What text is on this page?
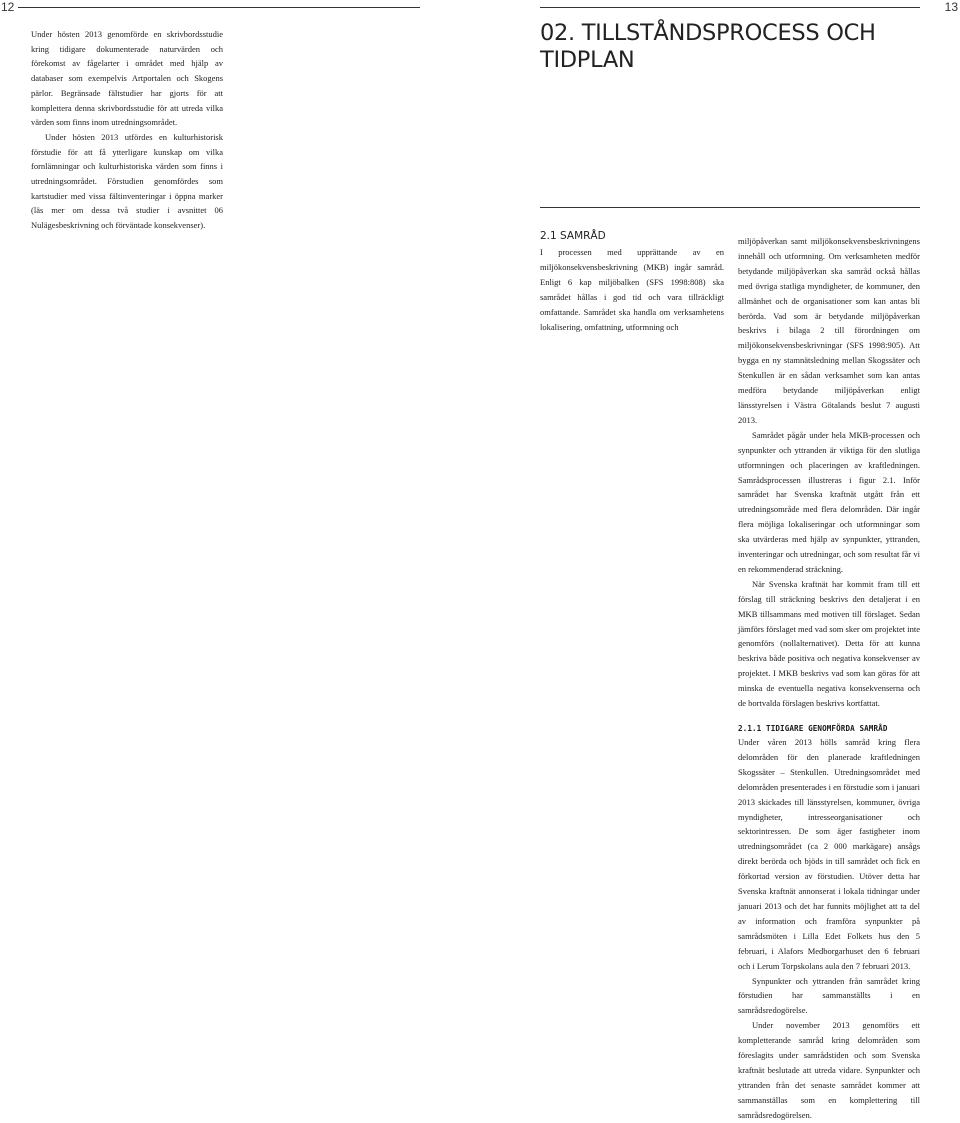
12	13

Under hösten 2013 genomförde en skrivbordsstudie kring tidigare dokumenterade naturvärden och förekomst av fågelarter i området med hjälp av databaser som exempelvis Artportalen och Skogens pärlor. Begränsade fältstudier har gjorts för att komplettera denna skrivbordsstudie för att utreda vilka värden som finns inom utredningsområdet.

Under hösten 2013 utfördes en kulturhistorisk förstudie för att få ytterligare kunskap om vilka fornlämningar och kulturhistoriska värden som finns i utredningsområdet. Förstudien genomfördes som kartstudier med vissa fältinventeringar i öppna marker (läs mer om dessa två studier i avsnittet 06 Nulägesbeskrivning och förväntade konsekvenser).

02. TILLSTÅNDSPROCESS OCH TIDPLAN
2.1 SAMRÅD

I processen med upprättande av en miljökonsekvensbeskrivning (MKB) ingår samråd. Enligt 6 kap miljöbalken (SFS 1998:808) ska samrådet hållas i god tid och vara tillräckligt omfattande. Samrådet ska handla om verksamhetens lokalisering, omfattning, utformning och

miljöpåverkan samt miljökonsekvensbeskrivningens innehåll och utformning. Om verksamheten medför betydande miljöpåverkan ska samråd också hållas med övriga statliga myndigheter, de kommuner, den allmänhet och de organisationer som kan antas bli berörda. Vad som är betydande miljöpåverkan beskrivs i bilaga 2 till förordningen om miljökonsekvensbeskrivningar (SFS 1998:905). Att bygga en ny stamnätsledning mellan Skogssäter och Stenkullen är en sådan verksamhet som kan antas medföra betydande miljöpåverkan enligt länsstyrelsen i Västra Götalands beslut 7 augusti 2013.

Samrådet pågår under hela MKB-processen och synpunkter och yttranden är viktiga för den slutliga utformningen och placeringen av kraftledningen. Samrådsprocessen illustreras i figur 2.1. Inför samrådet har Svenska kraftnät utgått från ett utredningsområde med flera delområden. Där ingår flera möjliga lokaliseringar och utformningar som ska utvärderas med hjälp av synpunkter, yttranden, inventeringar och utredningar, och som resultat får vi en rekommenderad sträckning.

När Svenska kraftnät har kommit fram till ett förslag till sträckning beskrivs den detaljerat i en MKB tillsammans med motiven till förslaget. Sedan jämförs förslaget med vad som sker om projektet inte genomförs (nollalternativet). Detta för att kunna beskriva både positiva och negativa konsekvenser av projektet. I MKB beskrivs vad som kan göras för att minska de eventuella negativa konsekvenserna och de bortvalda förslagen beskrivs kortfattat.

2.1.1 TIDIGARE GENOMFÖRDA SAMRÅD

Under våren 2013 hölls samråd kring flera delområden för den planerade kraftledningen Skogssäter – Stenkullen. Utredningsområdet med delområden presenterades i en förstudie som i januari 2013 skickades till länsstyrelsen, kommuner, övriga myndigheter, intresseorganisationer och sektorintressen. De som äger fastigheter inom utredningsområdet (ca 2 000 markägare) ansågs direkt berörda och bjöds in till samrådet och fick en förkortad version av förstudien. Utöver detta har Svenska kraftnät annonserat i lokala tidningar under januari 2013 och det har funnits möjlighet att ta del av information och framföra synpunkter på samrådsmöten i Lilla Edet Folkets hus den 5 februari, i Alafors Medborgarhuset den 6 februari och i Lerum Torpskolans aula den 7 februari 2013.

Synpunkter och yttranden från samrådet kring förstudien har sammanställts i en samrådsredogörelse.

Under november 2013 genomförs ett kompletterande samråd kring delområden som föreslagits under samrådstiden och som Svenska kraftnät beslutade att utreda vidare. Synpunkter och yttranden från det senaste samrådet kommer att sammanställas som en komplettering till samrådsredogörelsen.
